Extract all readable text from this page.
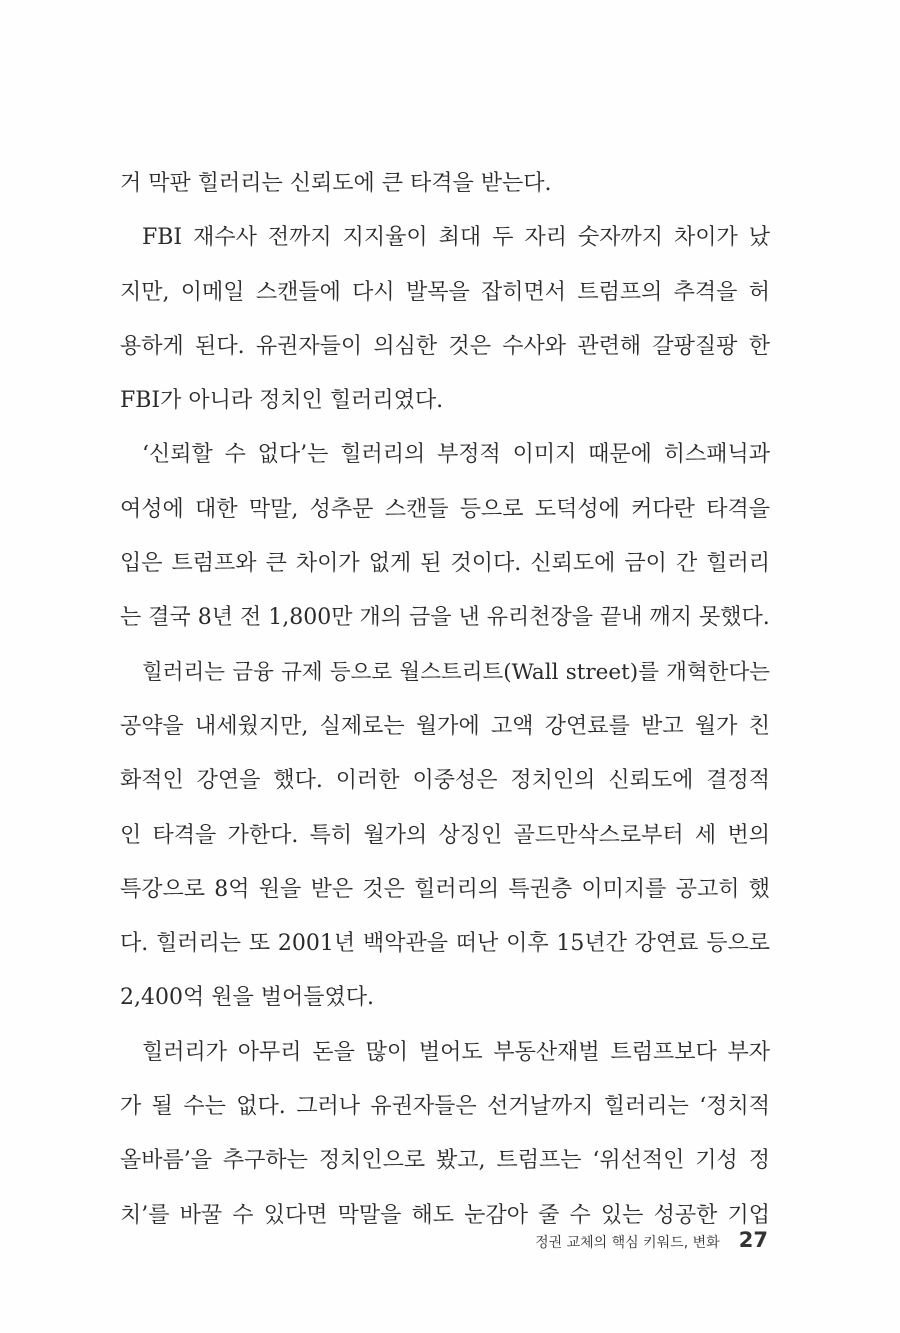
거 막판 힐러리는 신뢰도에 큰 타격을 받는다.
FBI 재수사 전까지 지지율이 최대 두 자리 숫자까지 차이가 났
지만, 이메일 스캔들에 다시 발목을 잡히면서 트럼프의 추격을 허
용하게 된다. 유권자들이 의심한 것은 수사와 관련해 갈팡질팡 한
FBI가 아니라 정치인 힐러리였다.
‘신뢰할 수 없다’는 힐러리의 부정적 이미지 때문에 히스패닉과
여성에 대한 막말, 성추문 스캔들 등으로 도덕성에 커다란 타격을
입은 트럼프와 큰 차이가 없게 된 것이다. 신뢰도에 금이 간 힐러리
는 결국 8년 전 1,800만 개의 금을 낸 유리천장을 끝내 깨지 못했다.
힐러리는 금융 규제 등으로 월스트리트(Wall street)를 개혁한다는
공약을 내세웠지만, 실제로는 월가에 고액 강연료를 받고 월가 친
화적인 강연을 했다. 이러한 이중성은 정치인의 신뢰도에 결정적
인 타격을 가한다. 특히 월가의 상징인 골드만삭스로부터 세 번의
특강으로 8억 원을 받은 것은 힐러리의 특권층 이미지를 공고히 했
다. 힐러리는 또 2001년 백악관을 떠난 이후 15년간 강연료 등으로
2,400억 원을 벌어들였다.
힐러리가 아무리 돈을 많이 벌어도 부동산재벌 트럼프보다 부자
가 될 수는 없다. 그러나 유권자들은 선거날까지 힐러리는 ‘정치적
올바름’을 추구하는 정치인으로 봤고, 트럼프는 ‘위선적인 기성 정
치’를 바꿀 수 있다면 막말을 해도 눈감아 줄 수 있는 성공한 기업
정권 교체의 핵심 키워드, 변화 27
